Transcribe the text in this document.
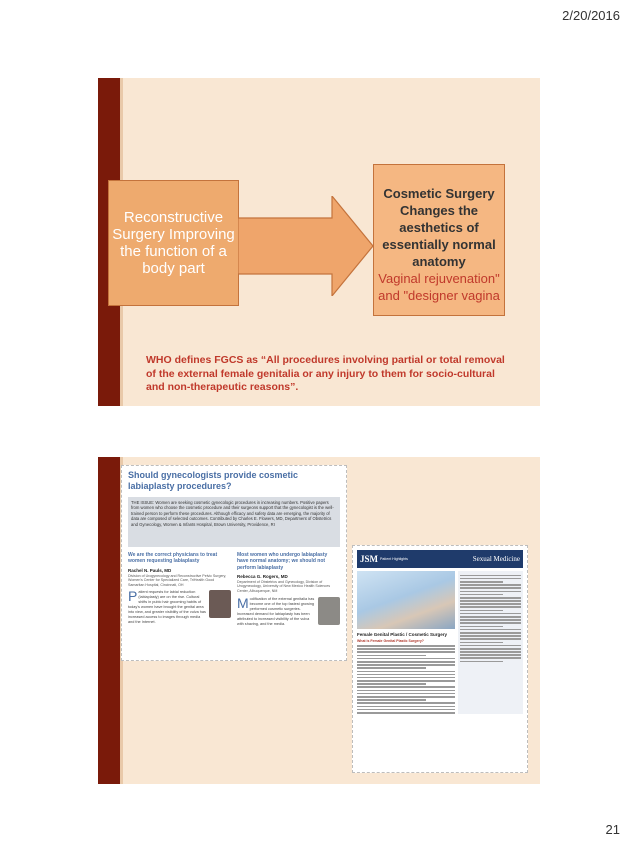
2/20/2016
Reconstructive Surgery Improving the function of a body part
Cosmetic Surgery Changes the aesthetics of essentially normal anatomy
Vaginal rejuvenation" and "designer vagina
WHO defines FGCS as “All procedures involving partial or total removal of the external female genitalia or any injury to them for socio-cultural and non-therapeutic reasons”.
Should gynecologists provide cosmetic labiaplasty procedures?
THE ISSUE: Women are seeking cosmetic gynecologic procedures in increasing numbers. Positive papers from women who choose the cosmetic procedure and their surgeons support that the gynecologist is the well-trained person to perform these procedures. Although efficacy and safety data are emerging, the majority of data are composed of selected outcomes. Contributed by Charles E. Flowers, MD, Department of Obstetrics and Gynecology, Women & Infants Hospital, Brown University, Providence, RI
We are the correct physicians to treat women requesting labiaplasty
Rachel N. Pauls, MD
Division of Urogynecology and Reconstructive Pelvic Surgery, Women's Center for Specialized Care, TriHealth Good Samaritan Hospital, Cincinnati, OH
P atient requests for labial reduction (labiaplasty) are on the rise. Cultural shifts in pubic hair grooming habits of today's women have brought the genital area into view, and greater visibility of the vulva has increased access to images through media and the Internet.
Most women who undergo labiaplasty have normal anatomy; we should not perform labiaplasty
Rebecca G. Rogers, MD
Department of Obstetrics and Gynecology, Division of Urogynecology, University of New Mexico Health Sciences Center, Albuquerque, NM
M odification of the external genitalia has become one of the top fastest growing performed cosmetic surgeries. Increased demand for labiaplasty has been attributed to increased visibility of the vulva with shaving, and the media.
JSM Patient Highlights	Sexual Medicine
Female Genital Plastic / Cosmetic Surgery
What is Female Genital Plastic Surgery?
21
